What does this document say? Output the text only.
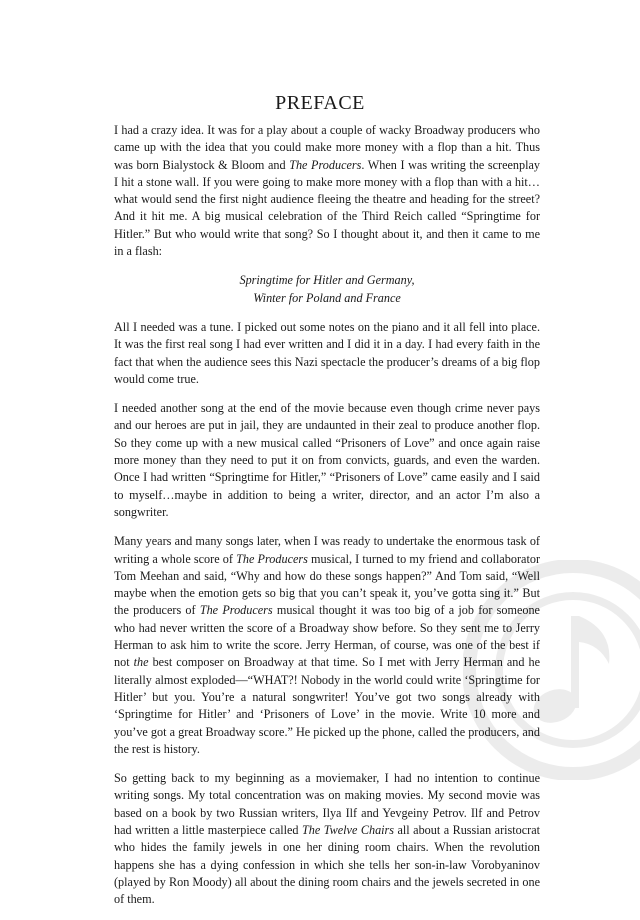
PREFACE

I had a crazy idea. It was for a play about a couple of wacky Broadway producers who came up with the idea that you could make more money with a flop than a hit. Thus was born Bialystock & Bloom and The Producers. When I was writing the screenplay I hit a stone wall. If you were going to make more money with a flop than with a hit…what would send the first night audience fleeing the theatre and heading for the street? And it hit me. A big musical celebration of the Third Reich called “Springtime for Hitler.” But who would write that song? So I thought about it, and then it came to me in a flash:

Springtime for Hitler and Germany,
Winter for Poland and France

All I needed was a tune. I picked out some notes on the piano and it all fell into place. It was the first real song I had ever written and I did it in a day. I had every faith in the fact that when the audience sees this Nazi spectacle the producer’s dreams of a big flop would come true.

I needed another song at the end of the movie because even though crime never pays and our heroes are put in jail, they are undaunted in their zeal to produce another flop. So they come up with a new musical called “Prisoners of Love” and once again raise more money than they need to put it on from convicts, guards, and even the warden. Once I had written “Springtime for Hitler,” “Prisoners of Love” came easily and I said to myself…maybe in addition to being a writer, director, and an actor I’m also a songwriter.

Many years and many songs later, when I was ready to undertake the enormous task of writing a whole score of The Producers musical, I turned to my friend and collaborator Tom Meehan and said, “Why and how do these songs happen?” And Tom said, “Well maybe when the emotion gets so big that you can’t speak it, you’ve gotta sing it.” But the producers of The Producers musical thought it was too big of a job for someone who had never written the score of a Broadway show before. So they sent me to Jerry Herman to ask him to write the score. Jerry Herman, of course, was one of the best if not the best composer on Broadway at that time. So I met with Jerry Herman and he literally almost exploded—“WHAT?! Nobody in the world could write ‘Springtime for Hitler’ but you. You’re a natural songwriter! You’ve got two songs already with ‘Springtime for Hitler’ and ‘Prisoners of Love’ in the movie. Write 10 more and you’ve got a great Broadway score.” He picked up the phone, called the producers, and the rest is history.

So getting back to my beginning as a moviemaker, I had no intention to continue writing songs. My total concentration was on making movies. My second movie was based on a book by two Russian writers, Ilya Ilf and Yevgeiny Petrov. Ilf and Petrov had written a little masterpiece called The Twelve Chairs all about a Russian aristocrat who hides the family jewels in one her dining room chairs. When the revolution happens she has a dying confession in which she tells her son-in-law Vorobyaninov (played by Ron Moody) all about the dining room chairs and the jewels secreted in one of them.
